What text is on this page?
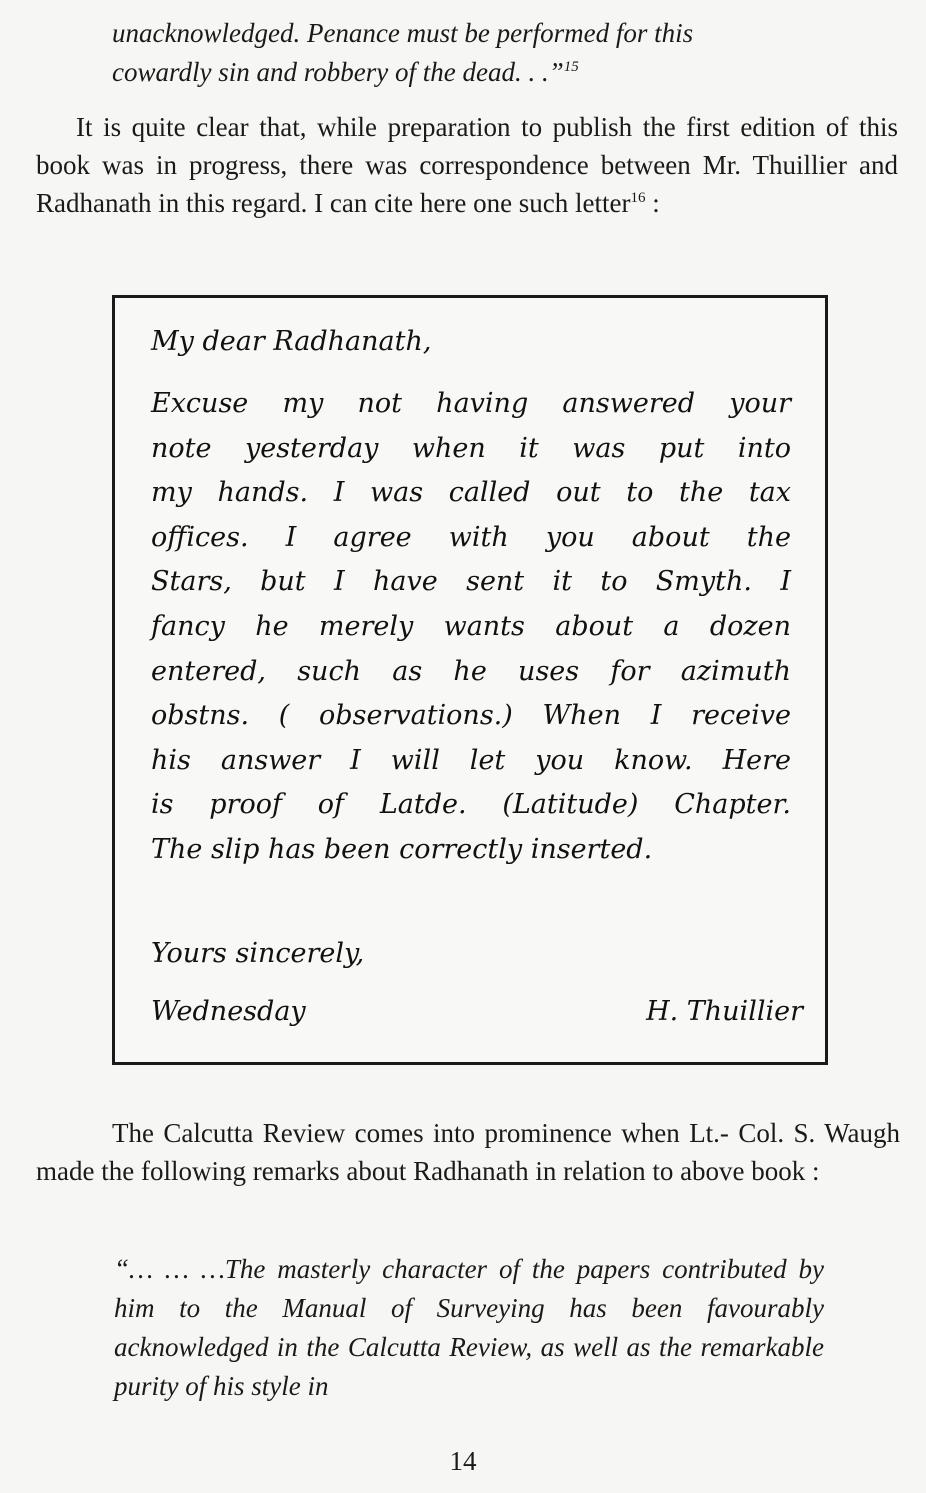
unacknowledged. Penance must be performed for this
cowardly sin and robbery of the dead. . .”$^{15}$

It is quite clear that, while preparation to publish the first edition of this book was in progress, there was correspondence between Mr. Thuillier and Radhanath in this regard. I can cite here one such letter$^{16}$ :

My dear Radhanath,
Excuse my not having answered your
note yesterday when it was put into
my hands. I was called out to the tax
offices. I agree with you about the
Stars, but I have sent it to Smyth. I
fancy he merely wants about a dozen
entered, such as he uses for azimuth
obstns. ( observations.) When I receive
his answer I will let you know. Here
is proof of Latde. (Latitude) Chapter.
The slip has been correctly inserted.
Yours sincerely,
Wednesday	H. Thuillier

The Calcutta Review comes into prominence when Lt.- Col. S. Waugh made the following remarks about Radhanath in relation to above book :

“… … …The masterly character of the papers contributed by him to the Manual of Surveying has been favourably acknowledged in the Calcutta Review, as well as the remarkable purity of his style in

14
